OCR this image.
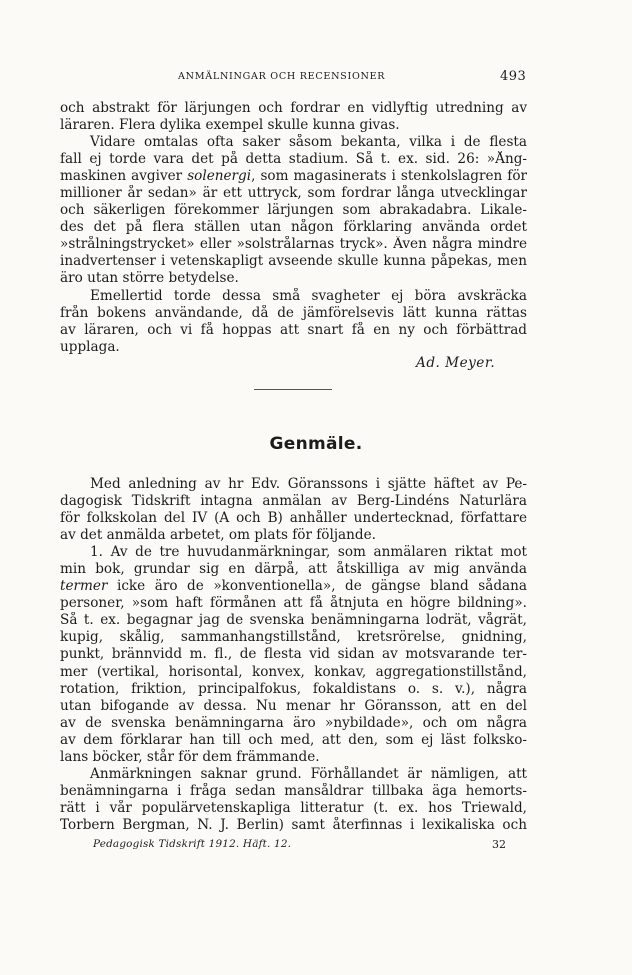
ANMÄLNINGAR OCH RECENSIONER	493
och abstrakt för lärjungen och fordrar en vidlyftig utredning av
läraren. Flera dylika exempel skulle kunna givas.
Vidare omtalas ofta saker såsom bekanta, vilka i de flesta
fall ej torde vara det på detta stadium. Så t. ex. sid. 26: »Ång-
maskinen avgiver solenergi, som magasinerats i stenkolslagren för
millioner år sedan» är ett uttryck, som fordrar långa utvecklingar
och säkerligen förekommer lärjungen som abrakadabra. Likale-
des det på flera ställen utan någon förklaring använda ordet
»strålningstrycket» eller »solstrålarnas tryck». Även några mindre
inadvertenser i vetenskapligt avseende skulle kunna påpekas, men
äro utan större betydelse.
Emellertid torde dessa små svagheter ej böra avskräcka
från bokens användande, då de jämförelsevis lätt kunna rättas
av läraren, och vi få hoppas att snart få en ny och förbättrad
upplaga.
Ad. Meyer.
Genmäle.
Med anledning av hr Edv. Göranssons i sjätte häftet av Pe-
dagogisk Tidskrift intagna anmälan av Berg-Lindéns Naturlära
för folkskolan del IV (A och B) anhåller undertecknad, författare
av det anmälda arbetet, om plats för följande.
1. Av de tre huvudanmärkningar, som anmälaren riktat mot
min bok, grundar sig en därpå, att åtskilliga av mig använda
termer icke äro de »konventionella», de gängse bland sådana
personer, »som haft förmånen att få åtnjuta en högre bildning».
Så t. ex. begagnar jag de svenska benämningarna lodrät, vågrät,
kupig, skålig, sammanhangstillstånd, kretsrörelse, gnidning,
punkt, brännvidd m. fl., de flesta vid sidan av motsvarande ter-
mer (vertikal, horisontal, konvex, konkav, aggregationstillstånd,
rotation, friktion, principalfokus, fokaldistans o. s. v.), några
utan bifogande av dessa. Nu menar hr Göransson, att en del
av de svenska benämningarna äro »nybildade», och om några
av dem förklarar han till och med, att den, som ej läst folksko-
lans böcker, står för dem främmande.
Anmärkningen saknar grund. Förhållandet är nämligen, att
benämningarna i fråga sedan mansåldrar tillbaka äga hemorts-
rätt i vår populärvetenskapliga litteratur (t. ex. hos Triewald,
Torbern Bergman, N. J. Berlin) samt återfinnas i lexikaliska och
Pedagogisk Tidskrift 1912. Häft. 12.	32
